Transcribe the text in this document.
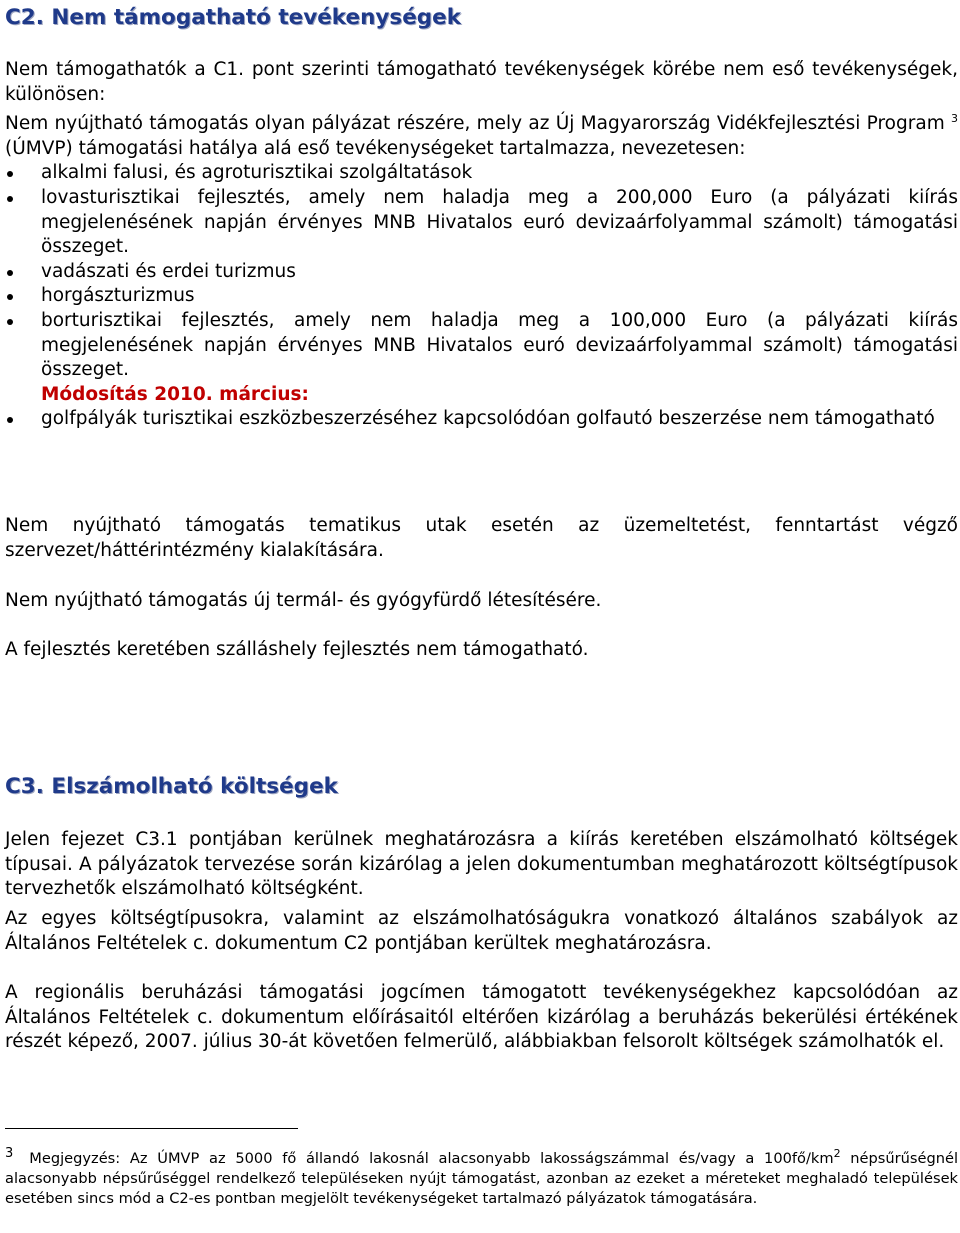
C2. Nem támogatható tevékenységek

Nem támogathatók a C1. pont szerinti támogatható tevékenységek körébe nem eső tevékenységek, különösen:

Nem nyújtható támogatás olyan pályázat részére, mely az Új Magyarország Vidékfejlesztési Program $^3$ (ÚMVP) támogatási hatálya alá eső tevékenységeket tartalmazza, nevezetesen:

alkalmi falusi, és agroturisztikai szolgáltatások
lovasturisztikai fejlesztés, amely nem haladja meg a 200,000 Euro (a pályázati kiírás megjelenésének napján érvényes MNB Hivatalos euró devizaárfolyammal számolt) támogatási összeget.
vadászati és erdei turizmus
horgászturizmus
borturisztikai fejlesztés, amely nem haladja meg a 100,000 Euro (a pályázati kiírás megjelenésének napján érvényes MNB Hivatalos euró devizaárfolyammal számolt) támogatási összeget.
Módosítás 2010. március:
golfpályák turisztikai eszközbeszerzéséhez kapcsolódóan golfautó beszerzése nem támogatható

Nem nyújtható támogatás tematikus utak esetén az üzemeltetést, fenntartást végző szervezet/háttérintézmény kialakítására.

Nem nyújtható támogatás új termál- és gyógyfürdő létesítésére.

A fejlesztés keretében szálláshely fejlesztés nem támogatható.

C3. Elszámolható költségek

Jelen fejezet C3.1 pontjában kerülnek meghatározásra a kiírás keretében elszámolható költségek típusai. A pályázatok tervezése során kizárólag a jelen dokumentumban meghatározott költségtípusok tervezhetők elszámolható költségként.

Az egyes költségtípusokra, valamint az elszámolhatóságukra vonatkozó általános szabályok az Általános Feltételek c. dokumentum C2 pontjában kerültek meghatározásra.

A regionális beruházási támogatási jogcímen támogatott tevékenységekhez kapcsolódóan az Általános Feltételek c. dokumentum előírásaitól eltérően kizárólag a beruházás bekerülési értékének részét képező, 2007. július 30-át követően felmerülő, alábbiakban felsorolt költségek számolhatók el.

3 Megjegyzés: Az ÚMVP az 5000 fő állandó lakosnál alacsonyabb lakosságszámmal és/vagy a $100fő/km^2$ népsűrűségnél alacsonyabb népsűrűséggel rendelkező településeken nyújt támogatást, azonban az ezeket a méreteket meghaladó települések esetében sincs mód a C2-es pontban megjelölt tevékenységeket tartalmazó pályázatok támogatására.
